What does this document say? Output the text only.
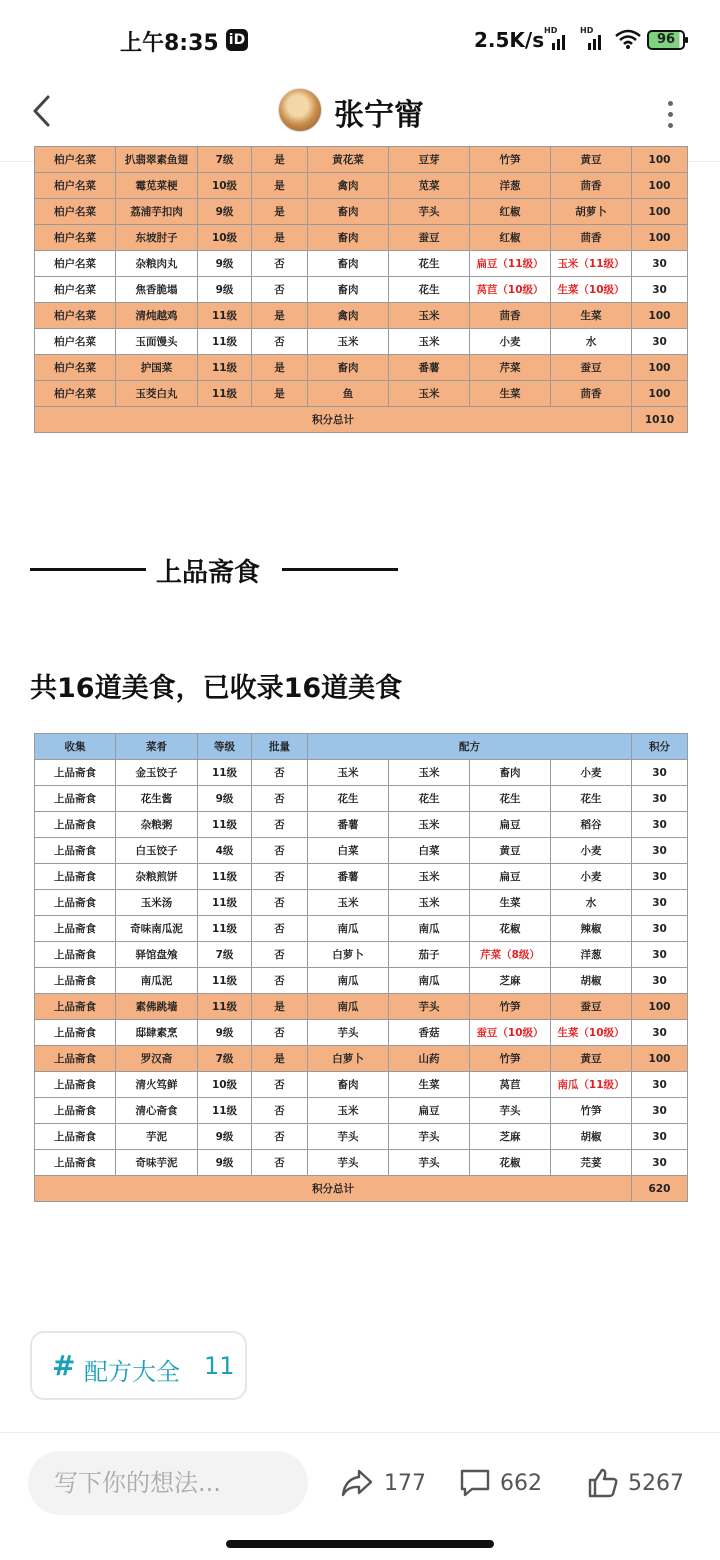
上午8:35 iD	2.5K/s HD	HD
96
张宁甯
柏户名菜	扒翡翠素鱼翅	7级	是	黄花菜	豆芽	竹笋	黄豆	100
柏户名菜	霉苋菜梗	10级	是	禽肉	苋菜	洋葱	茴香	100
柏户名菜	荔浦芋扣肉	9级	是	畜肉	芋头	红椒	胡萝卜	100
柏户名菜	东坡肘子	10级	是	畜肉	蚕豆	红椒	茴香	100
柏户名菜	杂粮肉丸	9级	否	畜肉	花生	扁豆（11级）	玉米（11级）	30
柏户名菜	焦香脆塌	9级	否	畜肉	花生	莴苣（10级）	生菜（10级）	30
柏户名菜	清炖越鸡	11级	是	禽肉	玉米	茴香	生菜	100
柏户名菜	玉面馒头	11级	否	玉米	玉米	小麦	水	30
柏户名菜	护国菜	11级	是	畜肉	番薯	芹菜	蚕豆	100
柏户名菜	玉茭白丸	11级	是	鱼	玉米	生菜	茴香	100
积分总计								1010
上品斋食
共16道美食，已收录16道美食
收集	菜肴	等级	批量	配方				积分
上品斋食	金玉饺子	11级	否	玉米	玉米	畜肉	小麦	30
上品斋食	花生酱	9级	否	花生	花生	花生	花生	30
上品斋食	杂粮粥	11级	否	番薯	玉米	扁豆	稻谷	30
上品斋食	白玉饺子	4级	否	白菜	白菜	黄豆	小麦	30
上品斋食	杂粮煎饼	11级	否	番薯	玉米	扁豆	小麦	30
上品斋食	玉米汤	11级	否	玉米	玉米	生菜	水	30
上品斋食	奇味南瓜泥	11级	否	南瓜	南瓜	花椒	辣椒	30
上品斋食	驿馆盘飧	7级	否	白萝卜	茄子	芹菜（8级）	洋葱	30
上品斋食	南瓜泥	11级	否	南瓜	南瓜	芝麻	胡椒	30
上品斋食	素佛跳墙	11级	是	南瓜	芋头	竹笋	蚕豆	100
上品斋食	邸肆素烹	9级	否	芋头	香菇	蚕豆（10级）	生菜（10级）	30
上品斋食	罗汉斋	7级	是	白萝卜	山药	竹笋	黄豆	100
上品斋食	清火笃鲜	10级	否	畜肉	生菜	莴苣	南瓜（11级）	30
上品斋食	清心斋食	11级	否	玉米	扁豆	芋头	竹笋	30
上品斋食	芋泥	9级	否	芋头	芋头	芝麻	胡椒	30
上品斋食	奇味芋泥	9级	否	芋头	芋头	花椒	芫荽	30
积分总计								620
# 配方大全 11
写下你的想法...
177	662	5267
